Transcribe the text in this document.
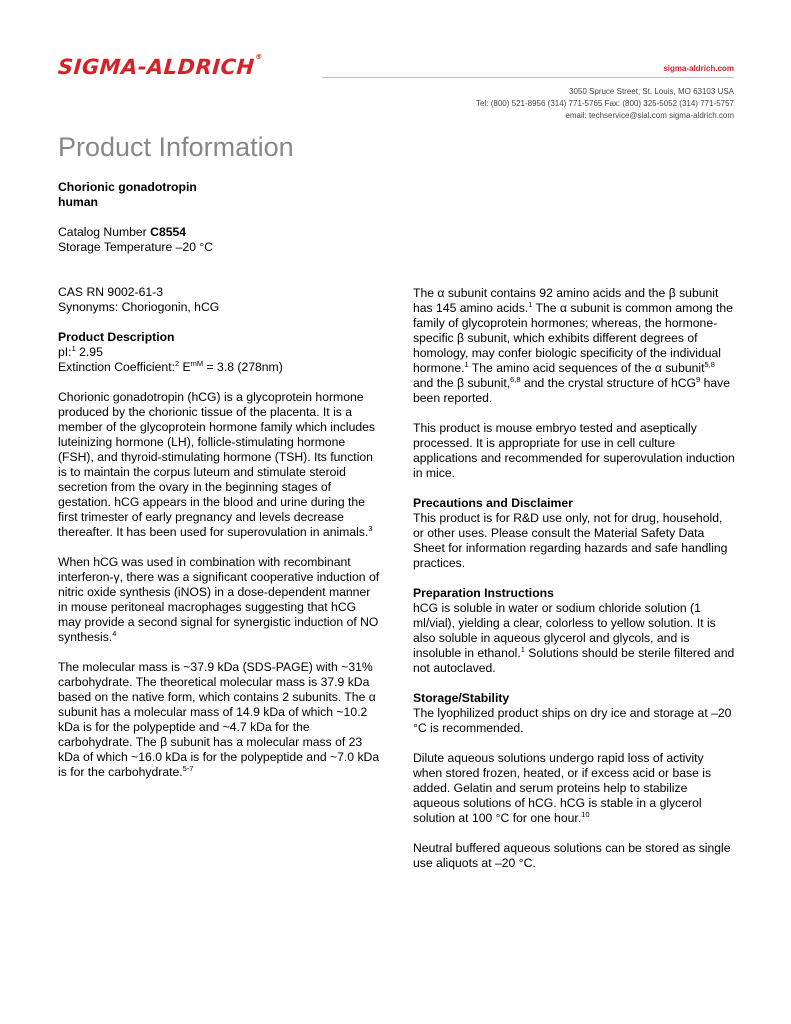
SIGMA-ALDRICH®
sigma-aldrich.com
3050 Spruce Street, St. Louis, MO 63103 USA
Tel: (800) 521-8956 (314) 771-5765 Fax: (800) 325-5052 (314) 771-5757
email: techservice@sial.com sigma-aldrich.com
Product Information

Chorionic gonadotropin
human

Catalog Number C8554

Storage Temperature –20 °C

CAS RN 9002-61-3

Synonyms: Choriogonin, hCG

Product Description

pI:$^1$ 2.95

Extinction Coefficient:$^2$ $E^{mM} = 3.8$ (278nm)

Chorionic gonadotropin (hCG) is a glycoprotein hormone produced by the chorionic tissue of the placenta. It is a member of the glycoprotein hormone family which includes luteinizing hormone (LH), follicle-stimulating hormone (FSH), and thyroid-stimulating hormone (TSH). Its function is to maintain the corpus luteum and stimulate steroid secretion from the ovary in the beginning stages of gestation. hCG appears in the blood and urine during the first trimester of early pregnancy and levels decrease thereafter. It has been used for superovulation in animals.$^3$

When hCG was used in combination with recombinant interferon-γ, there was a significant cooperative induction of nitric oxide synthesis (iNOS) in a dose-dependent manner in mouse peritoneal macrophages suggesting that hCG may provide a second signal for synergistic induction of NO synthesis.$^4$

The molecular mass is ~37.9 kDa (SDS-PAGE) with ~31% carbohydrate. The theoretical molecular mass is 37.9 kDa based on the native form, which contains 2 subunits. The α subunit has a molecular mass of 14.9 kDa of which ~10.2 kDa is for the polypeptide and ~4.7 kDa for the carbohydrate. The β subunit has a molecular mass of 23 kDa of which ~16.0 kDa is for the polypeptide and ~7.0 kDa is for the carbohydrate.$^{5-7}$

The α subunit contains 92 amino acids and the β subunit has 145 amino acids.$^1$ The α subunit is common among the family of glycoprotein hormones; whereas, the hormone-specific β subunit, which exhibits different degrees of homology, may confer biologic specificity of the individual hormone.$^1$ The amino acid sequences of the α subunit$^{5,8}$ and the β subunit,$^{6,8}$ and the crystal structure of hCG$^9$ have been reported.

This product is mouse embryo tested and aseptically processed. It is appropriate for use in cell culture applications and recommended for superovulation induction in mice.

Precautions and Disclaimer

This product is for R&D use only, not for drug, household, or other uses. Please consult the Material Safety Data Sheet for information regarding hazards and safe handling practices.

Preparation Instructions

hCG is soluble in water or sodium chloride solution (1 ml/vial), yielding a clear, colorless to yellow solution. It is also soluble in aqueous glycerol and glycols, and is insoluble in ethanol.$^1$ Solutions should be sterile filtered and not autoclaved.

Storage/Stability

The lyophilized product ships on dry ice and storage at –20 °C is recommended.

Dilute aqueous solutions undergo rapid loss of activity when stored frozen, heated, or if excess acid or base is added. Gelatin and serum proteins help to stabilize aqueous solutions of hCG. hCG is stable in a glycerol solution at 100 °C for one hour.$^{10}$

Neutral buffered aqueous solutions can be stored as single use aliquots at –20 °C.
